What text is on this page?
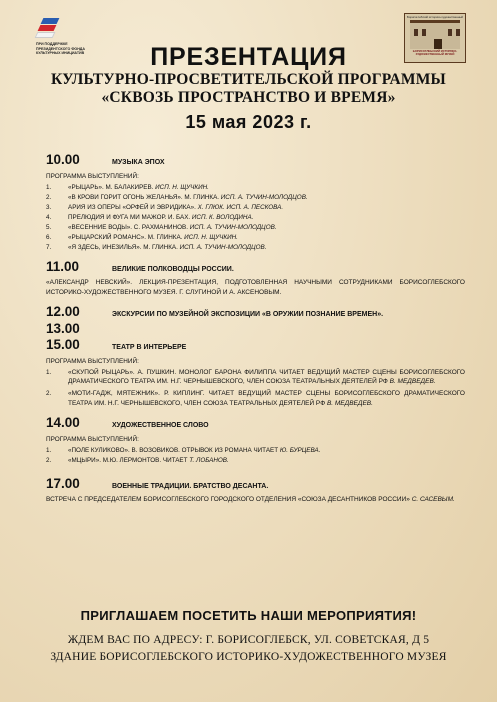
ПРИ ПОДДЕРЖКЕ
ПРЕЗИДЕНТСКОГО ФОНДА
КУЛЬТУРНЫХ ИНИЦИАТИВ
Борисоглебский историко-художественный
БОРИСОГЛЕБСКИЙ ИСТОРИКО-ХУДОЖЕСТВЕННЫЙ МУЗЕЙ
ПРЕЗЕНТАЦИЯ
КУЛЬТУРНО-ПРОСВЕТИТЕЛЬСКОЙ ПРОГРАММЫ
«СКВОЗЬ ПРОСТРАНСТВО И ВРЕМЯ»
15 мая 2023 г.
10.00	МУЗЫКА ЭПОХ
ПРОГРАММА ВЫСТУПЛЕНИЙ:
1.	«РЫЦАРЬ». М. БАЛАКИРЕВ. ИСП. Н. ЩУЧКИН.
2.	«В КРОВИ ГОРИТ ОГОНЬ ЖЕЛАНЬЯ». М. ГЛИНКА. ИСП. А. ТУЧИН-МОЛОДЦОВ.
3.	АРИЯ ИЗ ОПЕРЫ «ОРФЕЙ И ЭВРИДИКА». Х. ГЛЮК. ИСП. А. ПЕСКОВА.
4.	ПРЕЛЮДИЯ И ФУГА МИ МАЖОР. И. БАХ. ИСП. К. ВОЛОДИНА.
5.	«ВЕСЕННИЕ ВОДЫ». С. РАХМАНИНОВ. ИСП. А. ТУЧИН-МОЛОДЦОВ.
6.	«РЫЦАРСКИЙ РОМАНС». М. ГЛИНКА. ИСП. Н. ЩУЧКИН.
7.	«Я ЗДЕСЬ, ИНЕЗИЛЬЯ». М. ГЛИНКА. ИСП. А. ТУЧИН-МОЛОДЦОВ.
11.00	ВЕЛИКИЕ ПОЛКОВОДЦЫ РОССИИ.
«АЛЕКСАНДР НЕВСКИЙ». ЛЕКЦИЯ-ПРЕЗЕНТАЦИЯ, ПОДГОТОВЛЕННАЯ НАУЧНЫМИ СОТРУДНИКАМИ БОРИСОГЛЕБСКОГО ИСТОРИКО-ХУДОЖЕСТВЕННОГО МУЗЕЯ. Г. СЛУГИНОЙ И А. АКСЕНОВЫМ.
12.00	ЭКСКУРСИИ ПО МУЗЕЙНОЙ ЭКСПОЗИЦИИ «В ОРУЖИИ ПОЗНАНИЕ ВРЕМЕН».
13.00
15.00	ТЕАТР В ИНТЕРЬЕРЕ
ПРОГРАММА ВЫСТУПЛЕНИЙ:
1.	«СКУПОЙ РЫЦАРЬ». А. ПУШКИН. МОНОЛОГ БАРОНА ФИЛИППА ЧИТАЕТ ВЕДУЩИЙ МАСТЕР СЦЕНЫ БОРИСОГЛЕБСКОГО ДРАМАТИЧЕСКОГО ТЕАТРА ИМ. Н.Г. ЧЕРНЫШЕВСКОГО, ЧЛЕН СОЮЗА ТЕАТРАЛЬНЫХ ДЕЯТЕЛЕЙ РФ В. МЕДВЕДЕВ.
2.	«МОТИ-ГАДЖ, МЯТЕЖНИК». Р. КИПЛИНГ. ЧИТАЕТ ВЕДУЩИЙ МАСТЕР СЦЕНЫ БОРИСОГЛЕБСКОГО ДРАМАТИЧЕСКОГО ТЕАТРА ИМ. Н.Г. ЧЕРНЫШЕВСКОГО, ЧЛЕН СОЮЗА ТЕАТРАЛЬНЫХ ДЕЯТЕЛЕЙ РФ В. МЕДВЕДЕВ.
14.00	ХУДОЖЕСТВЕННОЕ СЛОВО
ПРОГРАММА ВЫСТУПЛЕНИЙ:
1.	«ПОЛЕ КУЛИКОВО». В. ВОЗОВИКОВ. ОТРЫВОК ИЗ РОМАНА ЧИТАЕТ Ю. БУРЦЕВА.
2.	«МЦЫРИ». М.Ю. ЛЕРМОНТОВ. ЧИТАЕТ Т. ЛОБАНОВ.
17.00	ВОЕННЫЕ ТРАДИЦИИ. БРАТСТВО ДЕСАНТА.
ВСТРЕЧА С ПРЕДСЕДАТЕЛЕМ БОРИСОГЛЕБСКОГО ГОРОДСКОГО ОТДЕЛЕНИЯ «СОЮЗА ДЕСАНТНИКОВ РОССИИ» С. САСЕВЫМ.
ПРИГЛАШАЕМ ПОСЕТИТЬ НАШИ МЕРОПРИЯТИЯ!
ЖДЕМ ВАС ПО АДРЕСУ: Г. БОРИСОГЛЕБСК, УЛ. СОВЕТСКАЯ, Д 5
ЗДАНИЕ БОРИСОГЛЕБСКОГО ИСТОРИКО-ХУДОЖЕСТВЕННОГО МУЗЕЯ
